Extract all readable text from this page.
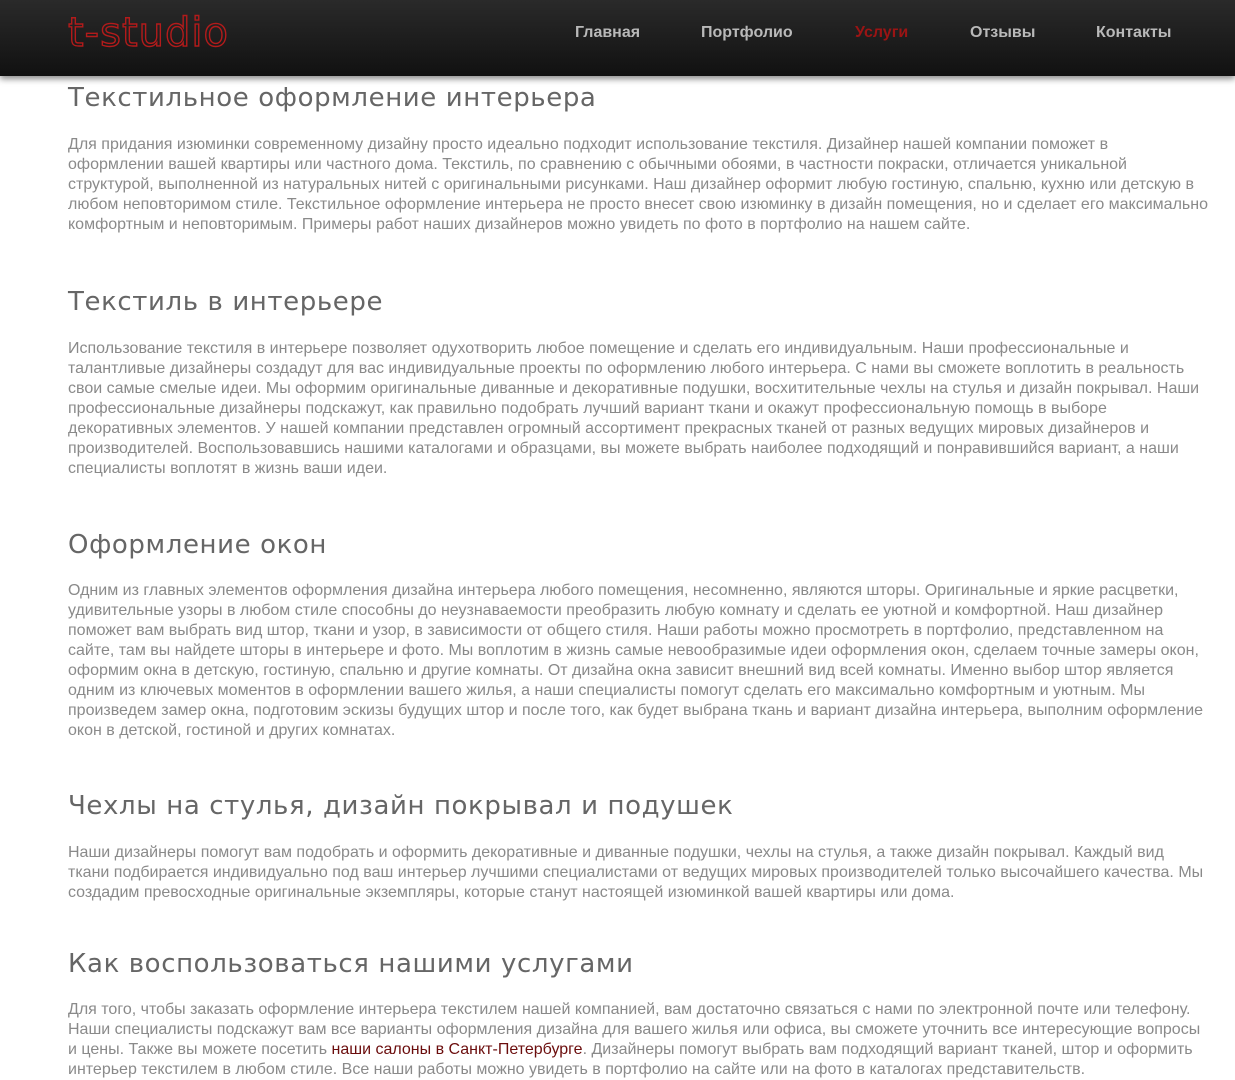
t-studio	Главная	Портфолио	Услуги	Отзывы	Контакты
Текстильное оформление интерьера

Для придания изюминки современному дизайну просто идеально подходит использование текстиля. Дизайнер нашей компании поможет в оформлении вашей квартиры или частного дома. Текстиль, по сравнению с обычными обоями, в частности покраски, отличается уникальной структурой, выполненной из натуральных нитей с оригинальными рисунками. Наш дизайнер оформит любую гостиную, спальню, кухню или детскую в любом неповторимом стиле. Текстильное оформление интерьера не просто внесет свою изюминку в дизайн помещения, но и сделает его максимально комфортным и неповторимым. Примеры работ наших дизайнеров можно увидеть по фото в портфолио на нашем сайте.

Текстиль в интерьере

Использование текстиля в интерьере позволяет одухотворить любое помещение и сделать его индивидуальным. Наши профессиональные и талантливые дизайнеры создадут для вас индивидуальные проекты по оформлению любого интерьера. С нами вы сможете воплотить в реальность свои самые смелые идеи. Мы оформим оригинальные диванные и декоративные подушки, восхитительные чехлы на стулья и дизайн покрывал. Наши профессиональные дизайнеры подскажут, как правильно подобрать лучший вариант ткани и окажут профессиональную помощь в выборе декоративных элементов. У нашей компании представлен огромный ассортимент прекрасных тканей от разных ведущих мировых дизайнеров и производителей. Воспользовавшись нашими каталогами и образцами, вы можете выбрать наиболее подходящий и понравившийся вариант, а наши специалисты воплотят в жизнь ваши идеи.

Оформление окон

Одним из главных элементов оформления дизайна интерьера любого помещения, несомненно, являются шторы. Оригинальные и яркие расцветки, удивительные узоры в любом стиле способны до неузнаваемости преобразить любую комнату и сделать ее уютной и комфортной. Наш дизайнер поможет вам выбрать вид штор, ткани и узор, в зависимости от общего стиля. Наши работы можно просмотреть в портфолио, представленном на сайте, там вы найдете шторы в интерьере и фото. Мы воплотим в жизнь самые невообразимые идеи оформления окон, сделаем точные замеры окон, оформим окна в детскую, гостиную, спальню и другие комнаты. От дизайна окна зависит внешний вид всей комнаты. Именно выбор штор является одним из ключевых моментов в оформлении вашего жилья, а наши специалисты помогут сделать его максимально комфортным и уютным. Мы произведем замер окна, подготовим эскизы будущих штор и после того, как будет выбрана ткань и вариант дизайна интерьера, выполним оформление окон в детской, гостиной и других комнатах.

Чехлы на стулья, дизайн покрывал и подушек

Наши дизайнеры помогут вам подобрать и оформить декоративные и диванные подушки, чехлы на стулья, а также дизайн покрывал. Каждый вид ткани подбирается индивидуально под ваш интерьер лучшими специалистами от ведущих мировых производителей только высочайшего качества. Мы создадим превосходные оригинальные экземпляры, которые станут настоящей изюминкой вашей квартиры или дома.

Как воспользоваться нашими услугами

Для того, чтобы заказать оформление интерьера текстилем нашей компанией, вам достаточно связаться с нами по электронной почте или телефону. Наши специалисты подскажут вам все варианты оформления дизайна для вашего жилья или офиса, вы сможете уточнить все интересующие вопросы и цены. Также вы можете посетить наши салоны в Санкт-Петербурге. Дизайнеры помогут выбрать вам подходящий вариант тканей, штор и оформить интерьер текстилем в любом стиле. Все наши работы можно увидеть в портфолио на сайте или на фото в каталогах представительств.
